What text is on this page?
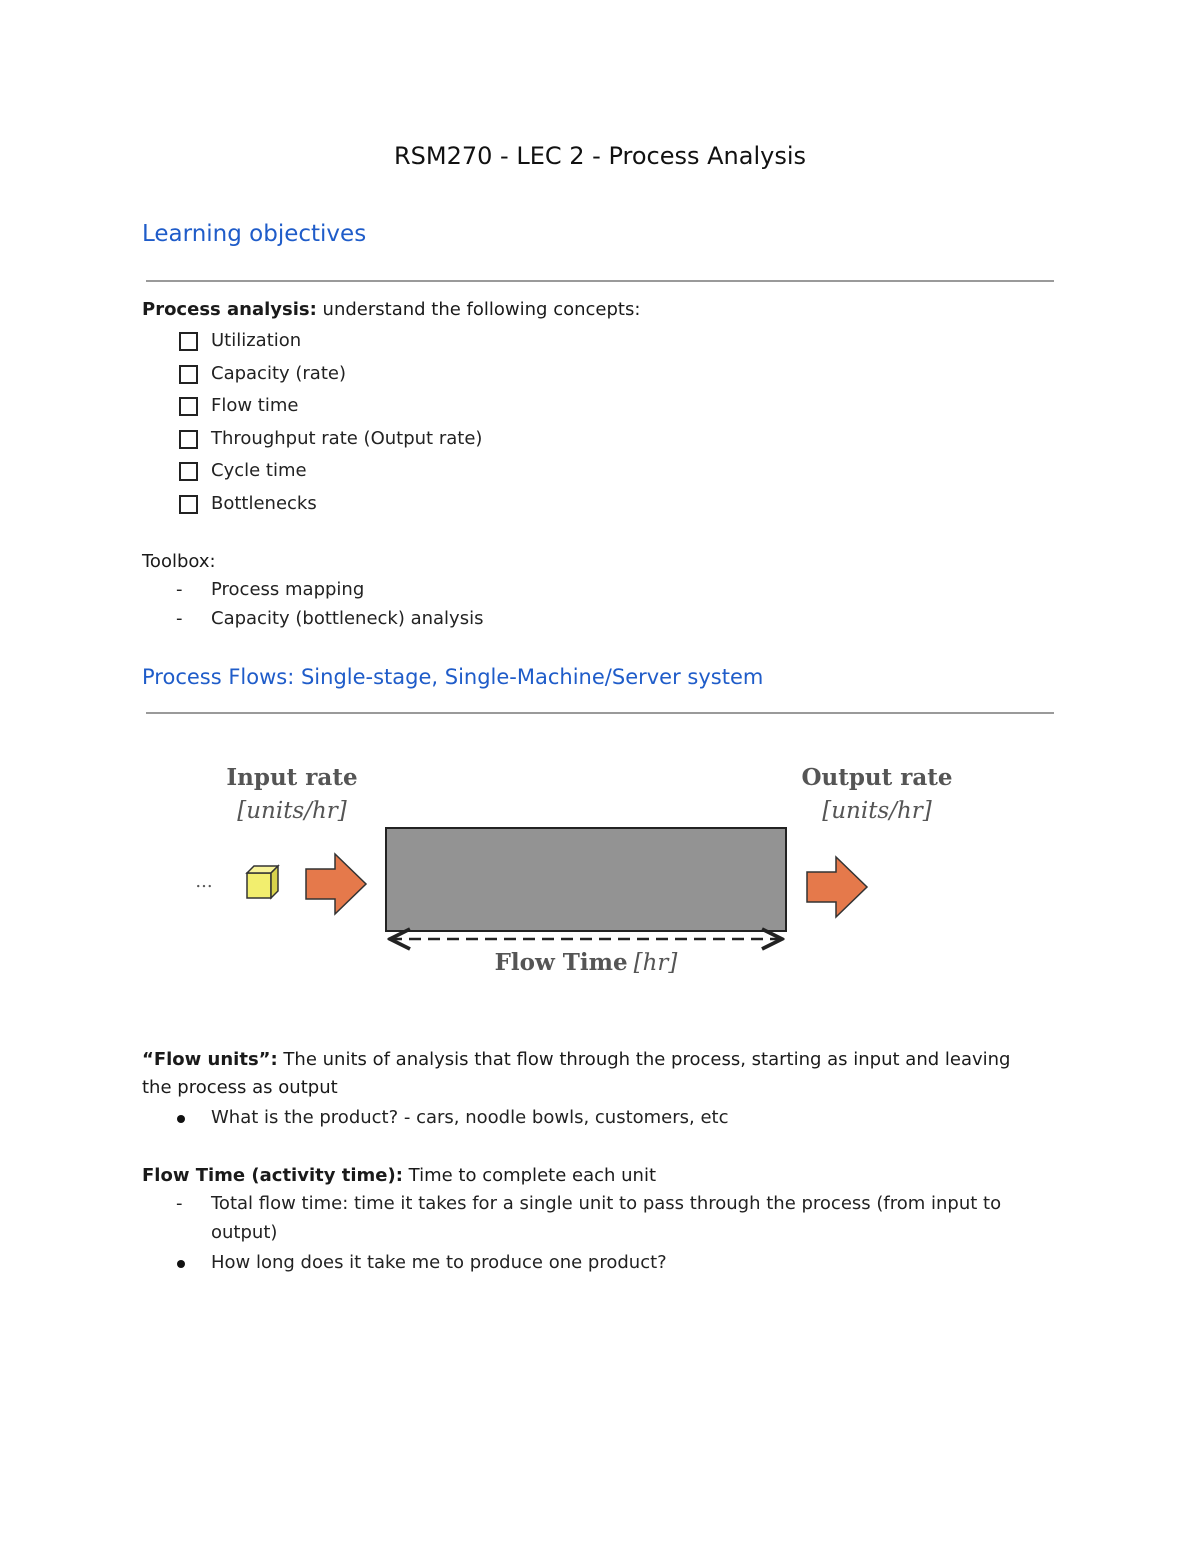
RSM270 - LEC 2 - Process Analysis
Learning objectives
Process analysis: understand the following concepts:
Utilization
Capacity (rate)
Flow time
Throughput rate (Output rate)
Cycle time
Bottlenecks
Toolbox:
- Process mapping
- Capacity (bottleneck) analysis
Process Flows: Single-stage, Single-Machine/Server system
Input rate
[units/hr]
Output rate
[units/hr]
...
Flow Time [hr]
“Flow units”: The units of analysis that flow through the process, starting as input and leaving the process as output
What is the product? - cars, noodle bowls, customers, etc
Flow Time (activity time): Time to complete each unit
- Total flow time: time it takes for a single unit to pass through the process (from input to output)
How long does it take me to produce one product?
